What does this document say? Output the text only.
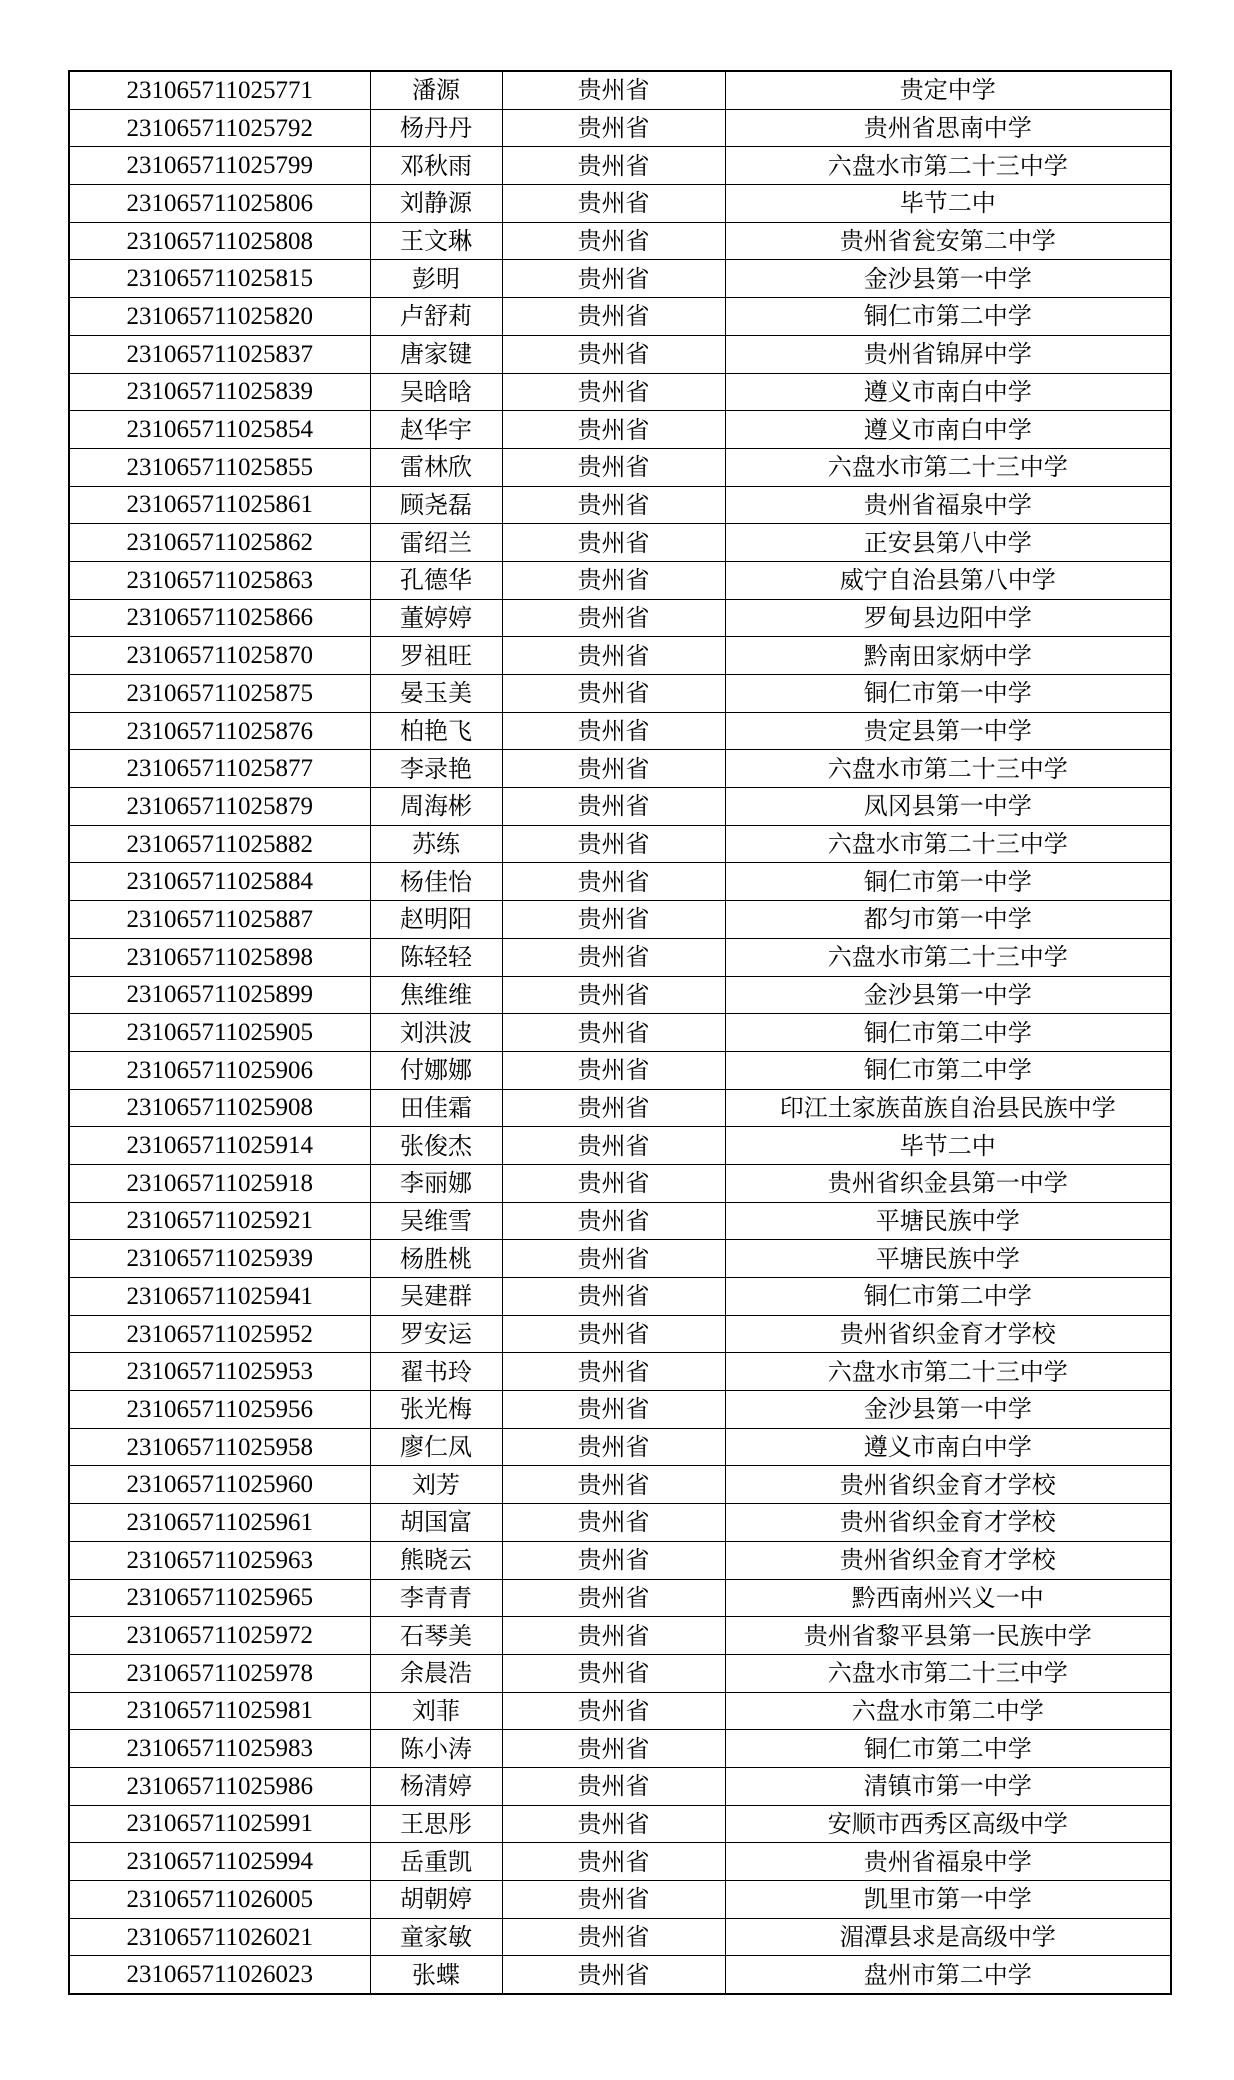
231065711025771	潘源	贵州省	贵定中学
231065711025792	杨丹丹	贵州省	贵州省思南中学
231065711025799	邓秋雨	贵州省	六盘水市第二十三中学
231065711025806	刘静源	贵州省	毕节二中
231065711025808	王文琳	贵州省	贵州省瓮安第二中学
231065711025815	彭明	贵州省	金沙县第一中学
231065711025820	卢舒莉	贵州省	铜仁市第二中学
231065711025837	唐家键	贵州省	贵州省锦屏中学
231065711025839	吴晗晗	贵州省	遵义市南白中学
231065711025854	赵华宇	贵州省	遵义市南白中学
231065711025855	雷林欣	贵州省	六盘水市第二十三中学
231065711025861	顾尧磊	贵州省	贵州省福泉中学
231065711025862	雷绍兰	贵州省	正安县第八中学
231065711025863	孔德华	贵州省	威宁自治县第八中学
231065711025866	董婷婷	贵州省	罗甸县边阳中学
231065711025870	罗祖旺	贵州省	黔南田家炳中学
231065711025875	晏玉美	贵州省	铜仁市第一中学
231065711025876	柏艳飞	贵州省	贵定县第一中学
231065711025877	李录艳	贵州省	六盘水市第二十三中学
231065711025879	周海彬	贵州省	凤冈县第一中学
231065711025882	苏练	贵州省	六盘水市第二十三中学
231065711025884	杨佳怡	贵州省	铜仁市第一中学
231065711025887	赵明阳	贵州省	都匀市第一中学
231065711025898	陈轻轻	贵州省	六盘水市第二十三中学
231065711025899	焦维维	贵州省	金沙县第一中学
231065711025905	刘洪波	贵州省	铜仁市第二中学
231065711025906	付娜娜	贵州省	铜仁市第二中学
231065711025908	田佳霜	贵州省	印江土家族苗族自治县民族中学
231065711025914	张俊杰	贵州省	毕节二中
231065711025918	李丽娜	贵州省	贵州省织金县第一中学
231065711025921	吴维雪	贵州省	平塘民族中学
231065711025939	杨胜桃	贵州省	平塘民族中学
231065711025941	吴建群	贵州省	铜仁市第二中学
231065711025952	罗安运	贵州省	贵州省织金育才学校
231065711025953	翟书玲	贵州省	六盘水市第二十三中学
231065711025956	张光梅	贵州省	金沙县第一中学
231065711025958	廖仁凤	贵州省	遵义市南白中学
231065711025960	刘芳	贵州省	贵州省织金育才学校
231065711025961	胡国富	贵州省	贵州省织金育才学校
231065711025963	熊晓云	贵州省	贵州省织金育才学校
231065711025965	李青青	贵州省	黔西南州兴义一中
231065711025972	石琴美	贵州省	贵州省黎平县第一民族中学
231065711025978	余晨浩	贵州省	六盘水市第二十三中学
231065711025981	刘菲	贵州省	六盘水市第二中学
231065711025983	陈小涛	贵州省	铜仁市第二中学
231065711025986	杨清婷	贵州省	清镇市第一中学
231065711025991	王思彤	贵州省	安顺市西秀区高级中学
231065711025994	岳重凯	贵州省	贵州省福泉中学
231065711026005	胡朝婷	贵州省	凯里市第一中学
231065711026021	童家敏	贵州省	湄潭县求是高级中学
231065711026023	张蝶	贵州省	盘州市第二中学
